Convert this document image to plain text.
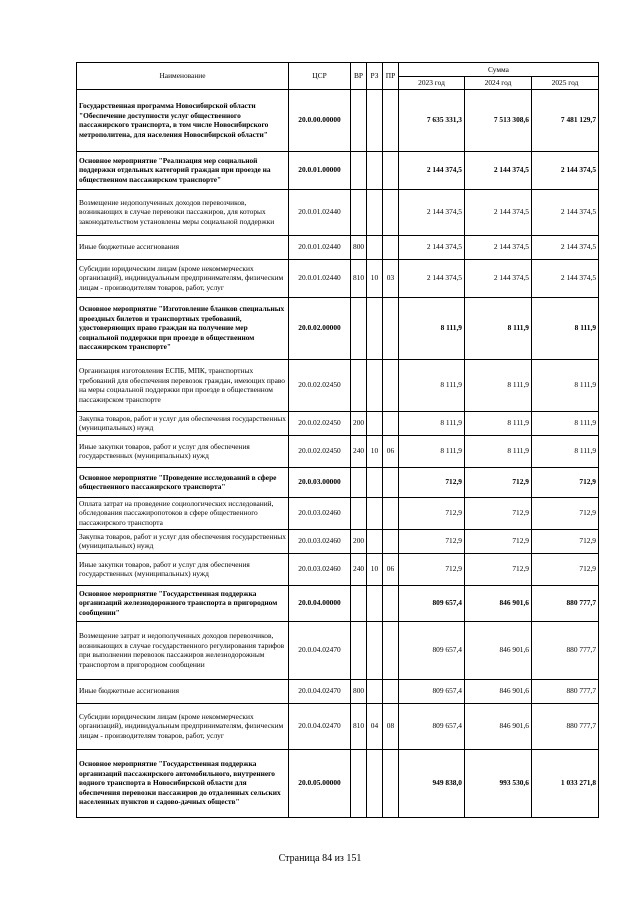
Наименование	ЦСР	ВР	РЗ	ПР	Сумма		
					2023 год	2024 год	2025 год
Государственная программа Новосибирской области "Обеспечение доступности услуг общественного пассажирского транспорта, в том числе Новосибирского метрополитена, для населения Новосибирской области"	20.0.00.00000				7 635 331,3	7 513 308,6	7 481 129,7
Основное мероприятие "Реализация мер социальной поддержки отдельных категорий граждан при проезде на общественном пассажирском транспорте"	20.0.01.00000				2 144 374,5	2 144 374,5	2 144 374,5
Возмещение недополученных доходов перевозчиков, возникающих в случае перевозки пассажиров, для которых законодательством установлены меры социальной поддержки	20.0.01.02440				2 144 374,5	2 144 374,5	2 144 374,5
Иные бюджетные ассигнования	20.0.01.02440	800			2 144 374,5	2 144 374,5	2 144 374,5
Субсидии юридическим лицам (кроме некоммерческих организаций), индивидуальным предпринимателям, физическим лицам - производителям товаров, работ, услуг	20.0.01.02440	810	10	03	2 144 374,5	2 144 374,5	2 144 374,5
Основное мероприятие "Изготовление бланков специальных проездных билетов и транспортных требований, удостоверяющих право граждан на получение мер социальной поддержки при проезде в общественном пассажирском транспорте"	20.0.02.00000				8 111,9	8 111,9	8 111,9
Организация изготовления ЕСПБ, МПК, транспортных требований для обеспечения перевозок граждан, имеющих право на меры социальной поддержки при проезде в общественном пассажирском транспорте	20.0.02.02450				8 111,9	8 111,9	8 111,9
Закупка товаров, работ и услуг для обеспечения государственных (муниципальных) нужд	20.0.02.02450	200			8 111,9	8 111,9	8 111,9
Иные закупки товаров, работ и услуг для обеспечения государственных (муниципальных) нужд	20.0.02.02450	240	10	06	8 111,9	8 111,9	8 111,9
Основное мероприятие "Проведение исследований в сфере общественного пассажирского транспорта"	20.0.03.00000				712,9	712,9	712,9
Оплата затрат на проведение социологических исследований, обследования пассажиропотоков в сфере общественного пассажирского транспорта	20.0.03.02460				712,9	712,9	712,9
Закупка товаров, работ и услуг для обеспечения государственных (муниципальных) нужд	20.0.03.02460	200			712,9	712,9	712,9
Иные закупки товаров, работ и услуг для обеспечения государственных (муниципальных) нужд	20.0.03.02460	240	10	06	712,9	712,9	712,9
Основное мероприятие "Государственная поддержка организаций железнодорожного транспорта в пригородном сообщении"	20.0.04.00000				809 657,4	846 901,6	880 777,7
Возмещение затрат и недополученных доходов перевозчиков, возникающих в случае государственного регулирования тарифов при выполнении перевозок пассажиров железнодорожным транспортом в пригородном сообщении	20.0.04.02470				809 657,4	846 901,6	880 777,7
Иные бюджетные ассигнования	20.0.04.02470	800			809 657,4	846 901,6	880 777,7
Субсидии юридическим лицам (кроме некоммерческих организаций), индивидуальным предпринимателям, физическим лицам - производителям товаров, работ, услуг	20.0.04.02470	810	04	08	809 657,4	846 901,6	880 777,7
Основное мероприятие "Государственная поддержка организаций пассажирского автомобильного, внутреннего водного транспорта в Новосибирской области для обеспечения перевозки пассажиров до отдаленных сельских населенных пунктов и садово-дачных обществ"	20.0.05.00000				949 838,0	993 530,6	1 033 271,8
Страница 84 из 151
